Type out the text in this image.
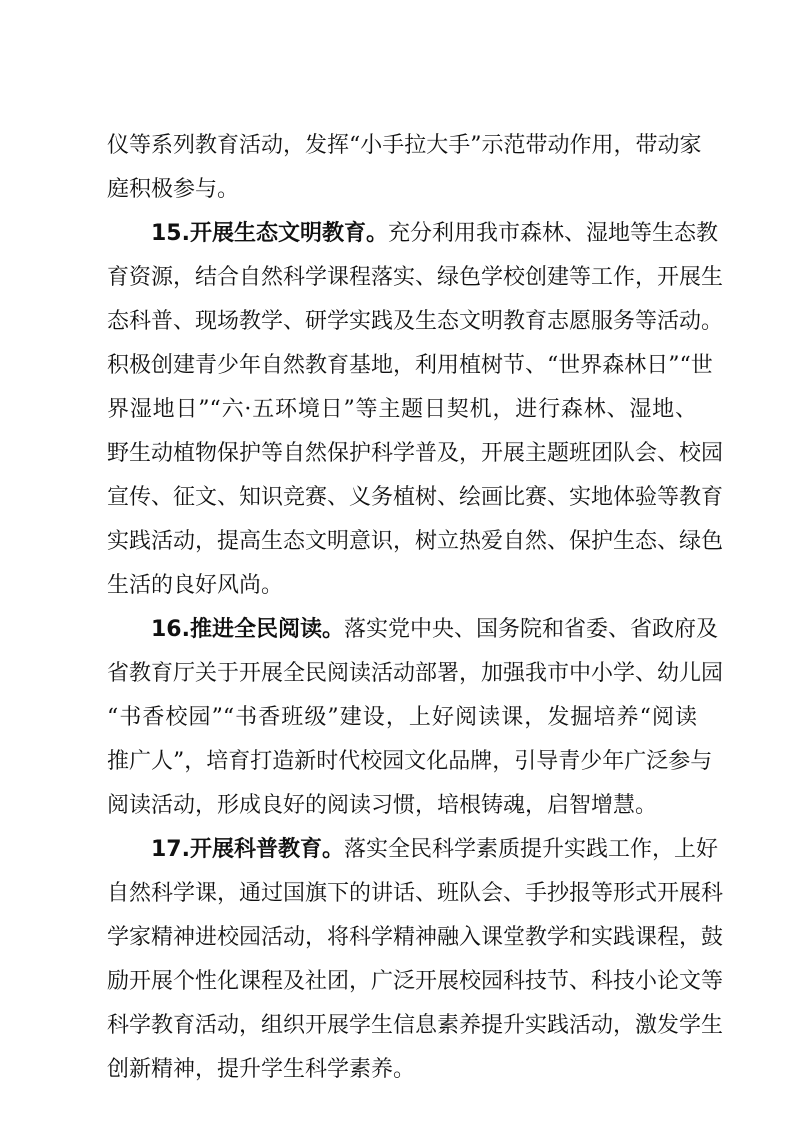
仪等系列教育活动，发挥“小手拉大手”示范带动作用，带动家
庭积极参与。
15.开展生态文明教育。充分利用我市森林、湿地等生态教
育资源，结合自然科学课程落实、绿色学校创建等工作，开展生
态科普、现场教学、研学实践及生态文明教育志愿服务等活动。
积极创建青少年自然教育基地，利用植树节、“世界森林日”“世
界湿地日”“六·五环境日”等主题日契机，进行森林、湿地、
野生动植物保护等自然保护科学普及，开展主题班团队会、校园
宣传、征文、知识竞赛、义务植树、绘画比赛、实地体验等教育
实践活动，提高生态文明意识，树立热爱自然、保护生态、绿色
生活的良好风尚。
16.推进全民阅读。落实党中央、国务院和省委、省政府及
省教育厅关于开展全民阅读活动部署，加强我市中小学、幼儿园
“书香校园”“书香班级”建设，上好阅读课，发掘培养“阅读
推广人”，培育打造新时代校园文化品牌，引导青少年广泛参与
阅读活动，形成良好的阅读习惯，培根铸魂，启智增慧。
17.开展科普教育。落实全民科学素质提升实践工作，上好
自然科学课，通过国旗下的讲话、班队会、手抄报等形式开展科
学家精神进校园活动，将科学精神融入课堂教学和实践课程，鼓
励开展个性化课程及社团，广泛开展校园科技节、科技小论文等
科学教育活动，组织开展学生信息素养提升实践活动，激发学生
创新精神，提升学生科学素养。
